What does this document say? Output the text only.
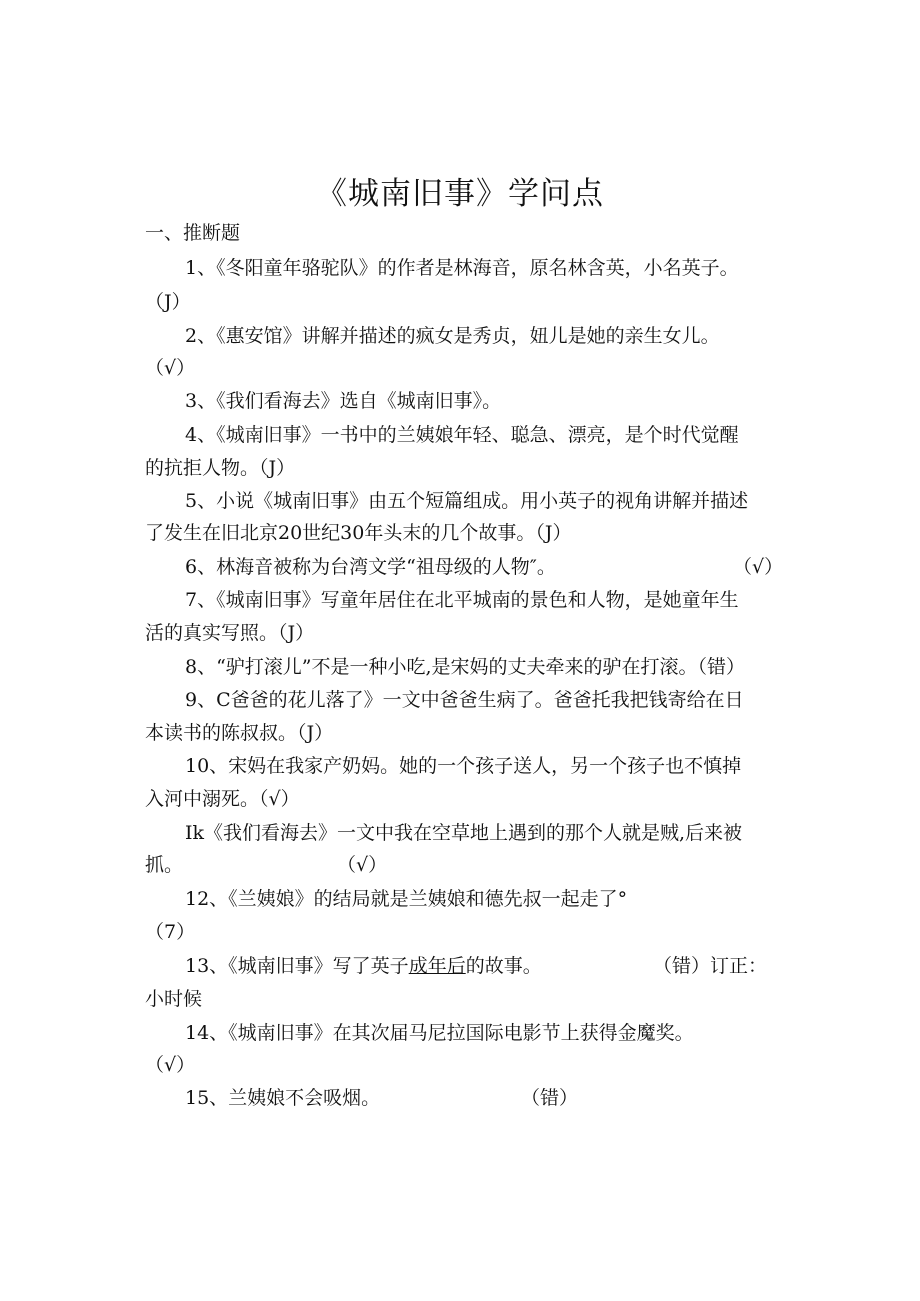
《城南旧事》学问点
一、推断题
1、《冬阳童年骆驼队》的作者是林海音，原名林含英，小名英子。
（J）
2、《惠安馆》讲解并描述的疯女是秀贞，妞儿是她的亲生女儿。
（√）
3、《我们看海去》选自《城南旧事》。
4、《城南旧事》一书中的兰姨娘年轻、聪急、漂亮，是个时代觉醒
的抗拒人物。（J）
5、小说《城南旧事》由五个短篇组成。用小英子的视角讲解并描述
了发生在旧北京20世纪30年头末的几个故事。（J）
6、林海音被称为台湾文学“祖母级的人物″。	（√）
7、《城南旧事》写童年居住在北平城南的景色和人物，是她童年生
活的真实写照。（J）
8、“驴打滚儿”不是一种小吃,是宋妈的丈夫牵来的驴在打滚。（错）
9、C爸爸的花儿落了》一文中爸爸生病了。爸爸托我把钱寄给在日
本读书的陈叔叔。（J）
10、宋妈在我家产奶妈。她的一个孩子送人，另一个孩子也不慎掉
入河中溺死。（√）
Ik《我们看海去》一文中我在空草地上遇到的那个人就是贼,后来被
抓。	（√）
12、《兰姨娘》的结局就是兰姨娘和德先叔一起走了°
（7）
13、《城南旧事》写了英子成年后的故事。	（错）订正：
小时候
14、《城南旧事》在其次届马尼拉国际电影节上获得金魔奖。
（√）
15、兰姨娘不会吸烟。	（错）
